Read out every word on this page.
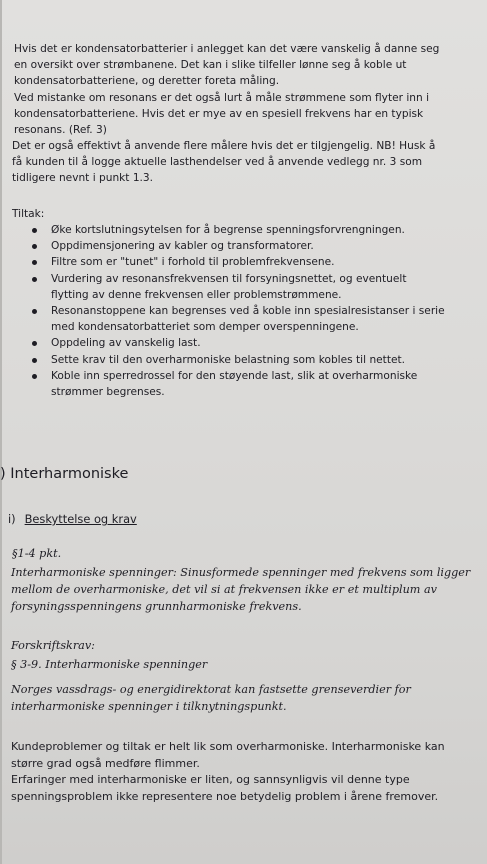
Hvis det er kondensatorbatterier i anlegget kan det være vanskelig å danne seg
en oversikt over strømbanene. Det kan i slike tilfeller lønne seg å koble ut
kondensatorbatteriene, og deretter foreta måling.
Ved mistanke om resonans er det også lurt å måle strømmene som flyter inn i
kondensatorbatteriene. Hvis det er mye av en spesiell frekvens har en typisk
resonans. (Ref. 3)
Det er også effektivt å anvende flere målere hvis det er tilgjengelig. NB! Husk å
få kunden til å logge aktuelle lasthendelser ved å anvende vedlegg nr. 3 som
tidligere nevnt i punkt 1.3.
Tiltak:
Øke kortslutningsytelsen for å begrense spenningsforvrengningen.
Oppdimensjonering av kabler og transformatorer.
Filtre som er "tunet" i forhold til problemfrekvensene.
Vurdering av resonansfrekvensen til forsyningsnettet, og eventuelt
flytting av denne frekvensen eller problemstrømmene.
Resonanstoppene kan begrenses ved å koble inn spesialresistanser i serie
med kondensatorbatteriet som demper overspenningene.
Oppdeling av vanskelig last.
Sette krav til den overharmoniske belastning som kobles til nettet.
Koble inn sperredrossel for den støyende last, slik at overharmoniske
strømmer begrenses.
) Interharmoniske
i) Beskyttelse og krav
§1-4 pkt.
Interharmoniske spenninger: Sinusformede spenninger med frekvens som ligger
mellom de overharmoniske, det vil si at frekvensen ikke er et multiplum av
forsyningsspenningens grunnharmoniske frekvens.
Forskriftskrav:
§ 3-9. Interharmoniske spenninger
Norges vassdrags- og energidirektorat kan fastsette grenseverdier for
interharmoniske spenninger i tilknytningspunkt.
Kundeproblemer og tiltak er helt lik som overharmoniske. Interharmoniske kan
større grad også medføre flimmer.
Erfaringer med interharmoniske er liten, og sannsynligvis vil denne type
spenningsproblem ikke representere noe betydelig problem i årene fremover.
